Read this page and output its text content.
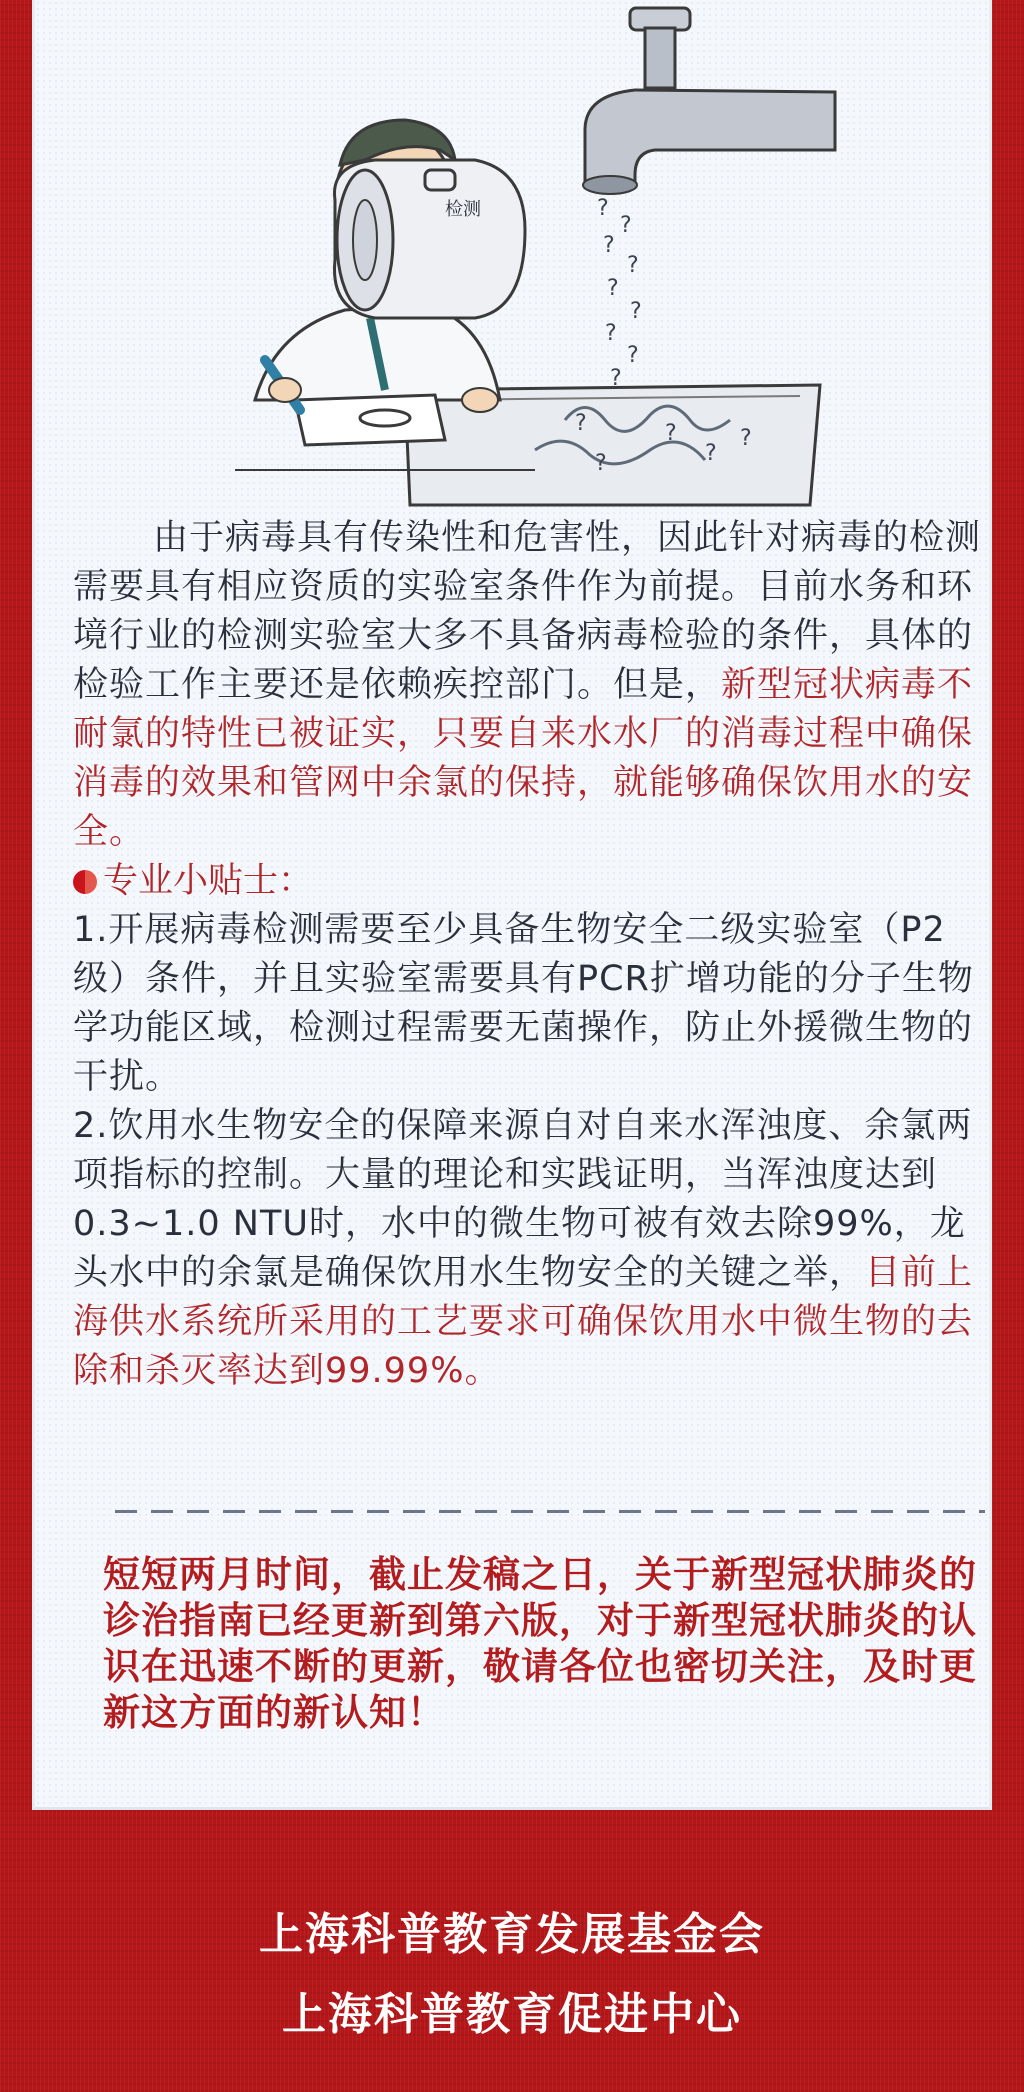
?
?
?
?
?
?
?
?
?
?	?
?
?
?
检测

由于病毒具有传染性和危害性，因此针对病毒的检测需要具有相应资质的实验室条件作为前提。目前水务和环境行业的检测实验室大多不具备病毒检验的条件，具体的检验工作主要还是依赖疾控部门。但是，新型冠状病毒不耐氯的特性已被证实，只要自来水水厂的消毒过程中确保消毒的效果和管网中余氯的保持，就能够确保饮用水的安全。

专业小贴士：

1.开展病毒检测需要至少具备生物安全二级实验室（P2级）条件，并且实验室需要具有PCR扩增功能的分子生物学功能区域，检测过程需要无菌操作，防止外援微生物的干扰。

2.饮用水生物安全的保障来源自对自来水浑浊度、余氯两项指标的控制。大量的理论和实践证明，当浑浊度达到0.3~1.0 NTU时，水中的微生物可被有效去除99%，龙头水中的余氯是确保饮用水生物安全的关键之举，目前上海供水系统所采用的工艺要求可确保饮用水中微生物的去除和杀灭率达到99.99%。

短短两月时间，截止发稿之日，关于新型冠状肺炎的诊治指南已经更新到第六版，对于新型冠状肺炎的认识在迅速不断的更新，敬请各位也密切关注，及时更新这方面的新认知！

上海科普教育发展基金会
上海科普教育促进中心
